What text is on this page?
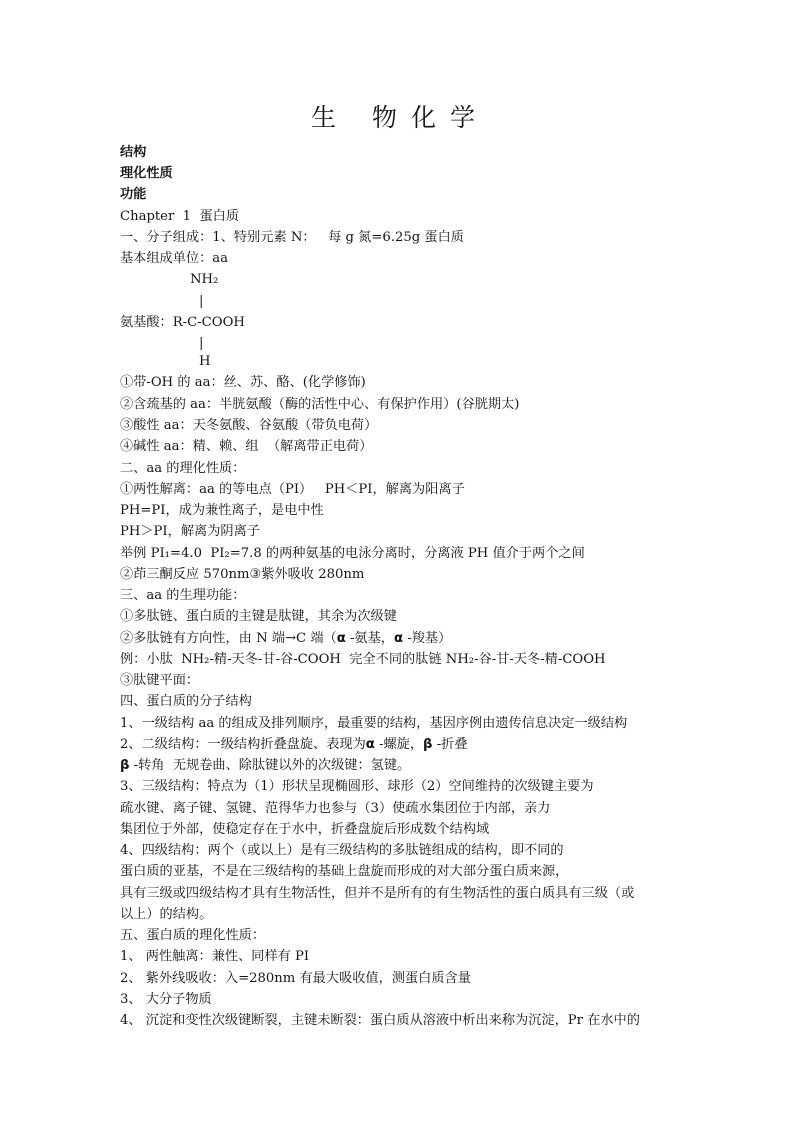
生 物化学
结构
理化性质
功能
Chapter  1  蛋白质
一、分子组成：1、特别元素 N：   每 g 氮=6.25g 蛋白质
基本组成单位：aa
NH₂
|
氨基酸：R-C-COOH
|
H
①带-OH 的 aa：丝、苏、酪、(化学修饰)
②含巯基的 aa：半胱氨酸（酶的活性中心、有保护作用）(谷胱期太)
③酸性 aa：天冬氨酸、谷氨酸（带负电荷）
④碱性 aa：精、赖、组  （解离带正电荷）
二、aa 的理化性质：
①两性解离：aa 的等电点（PI）   PH＜PI，解离为阳离子
PH=PI，成为兼性离子，是电中性
PH＞PI，解离为阴离子
举例 PI₁=4.0  PI₂=7.8 的两种氨基的电泳分离时，分离液 PH 值介于两个之间
②茚三酮反应 570nm③紫外吸收 280nm
三、aa 的生理功能：
①多肽链、蛋白质的主键是肽键，其余为次级键
②多肽链有方向性，由 N 端→C 端（α -氨基，α -羧基）
例：小肽  NH₂-精-天冬-甘-谷-COOH  完全不同的肽链 NH₂-谷-甘-天冬-精-COOH
③肽键平面：
四、蛋白质的分子结构
1、一级结构 aa 的组成及排列顺序，最重要的结构，基因序例由遗传信息决定一级结构
2、二级结构：一级结构折叠盘旋、表现为α -螺旋，β -折叠
β -转角  无规卷曲、除肽键以外的次级键：氢键。
3、三级结构：特点为（1）形状呈现椭圆形、球形（2）空间维持的次级键主要为
疏水键、离子键、氢键、范得华力也参与（3）使疏水集团位于内部，亲力
集团位于外部，使稳定存在于水中，折叠盘旋后形成数个结构域
4、四级结构：两个（或以上）是有三级结构的多肽链组成的结构，即不同的
蛋白质的亚基，不是在三级结构的基础上盘旋而形成的对大部分蛋白质来源，
具有三级或四级结构才具有生物活性，但并不是所有的有生物活性的蛋白质具有三级（或
以上）的结构。
五、蛋白质的理化性质：
1、 两性触离：兼性、同样有 PI
2、 紫外线吸收：入=280nm 有最大吸收值，测蛋白质含量
3、 大分子物质
4、 沉淀和变性次级键断裂，主键未断裂：蛋白质从溶液中析出来称为沉淀，Pr 在水中的
